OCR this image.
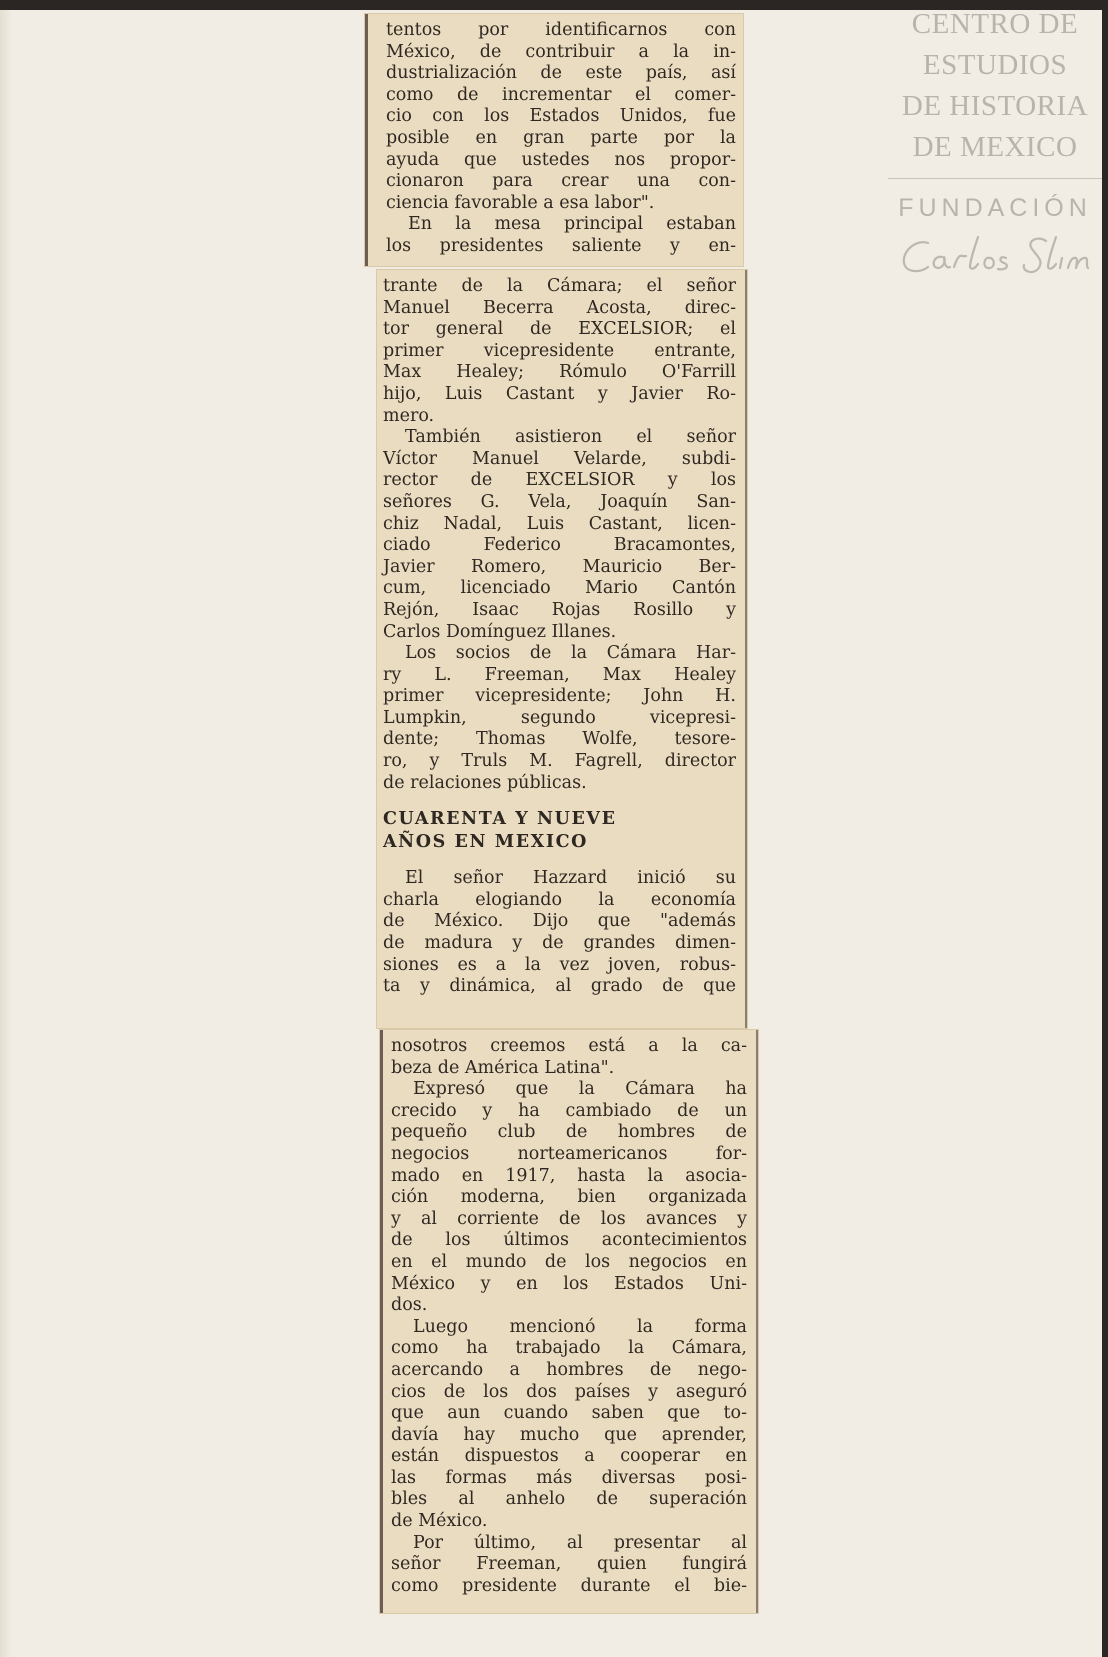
CENTRO DE
ESTUDIOS
DE HISTORIA
DE MEXICO
FUNDACIÓN
tentos por identificarnos con
México, de contribuir a la in-
dustrialización de este país, así
como de incrementar el comer-
cio con los Estados Unidos, fue
posible en gran parte por la
ayuda que ustedes nos propor-
cionaron para crear una con-
ciencia favorable a esa labor".
En la mesa principal estaban
los presidentes saliente y en-
trante de la Cámara; el señor
Manuel Becerra Acosta, direc-
tor general de EXCELSIOR; el
primer vicepresidente entrante,
Max Healey; Rómulo O'Farrill
hijo, Luis Castant y Javier Ro-
mero.
También asistieron el señor
Víctor Manuel Velarde, subdi-
rector de EXCELSIOR y los
señores G. Vela, Joaquín San-
chiz Nadal, Luis Castant, licen-
ciado Federico Bracamontes,
Javier Romero, Mauricio Ber-
cum, licenciado Mario Cantón
Rejón, Isaac Rojas Rosillo y
Carlos Domínguez Illanes.
Los socios de la Cámara Har-
ry L. Freeman, Max Healey
primer vicepresidente; John H.
Lumpkin, segundo vicepresi-
dente; Thomas Wolfe, tesore-
ro, y Truls M. Fagrell, director
de relaciones públicas.
CUARENTA Y NUEVE
AÑOS EN MEXICO
El señor Hazzard inició su
charla elogiando la economía
de México. Dijo que "además
de madura y de grandes dimen-
siones es a la vez joven, robus-
ta y dinámica, al grado de que
nosotros creemos está a la ca-
beza de América Latina".
Expresó que la Cámara ha
crecido y ha cambiado de un
pequeño club de hombres de
negocios norteamericanos for-
mado en 1917, hasta la asocia-
ción moderna, bien organizada
y al corriente de los avances y
de los últimos acontecimientos
en el mundo de los negocios en
México y en los Estados Uni-
dos.
Luego mencionó la forma
como ha trabajado la Cámara,
acercando a hombres de nego-
cios de los dos países y aseguró
que aun cuando saben que to-
davía hay mucho que aprender,
están dispuestos a cooperar en
las formas más diversas posi-
bles al anhelo de superación
de México.
Por último, al presentar al
señor Freeman, quien fungirá
como presidente durante el bie-
